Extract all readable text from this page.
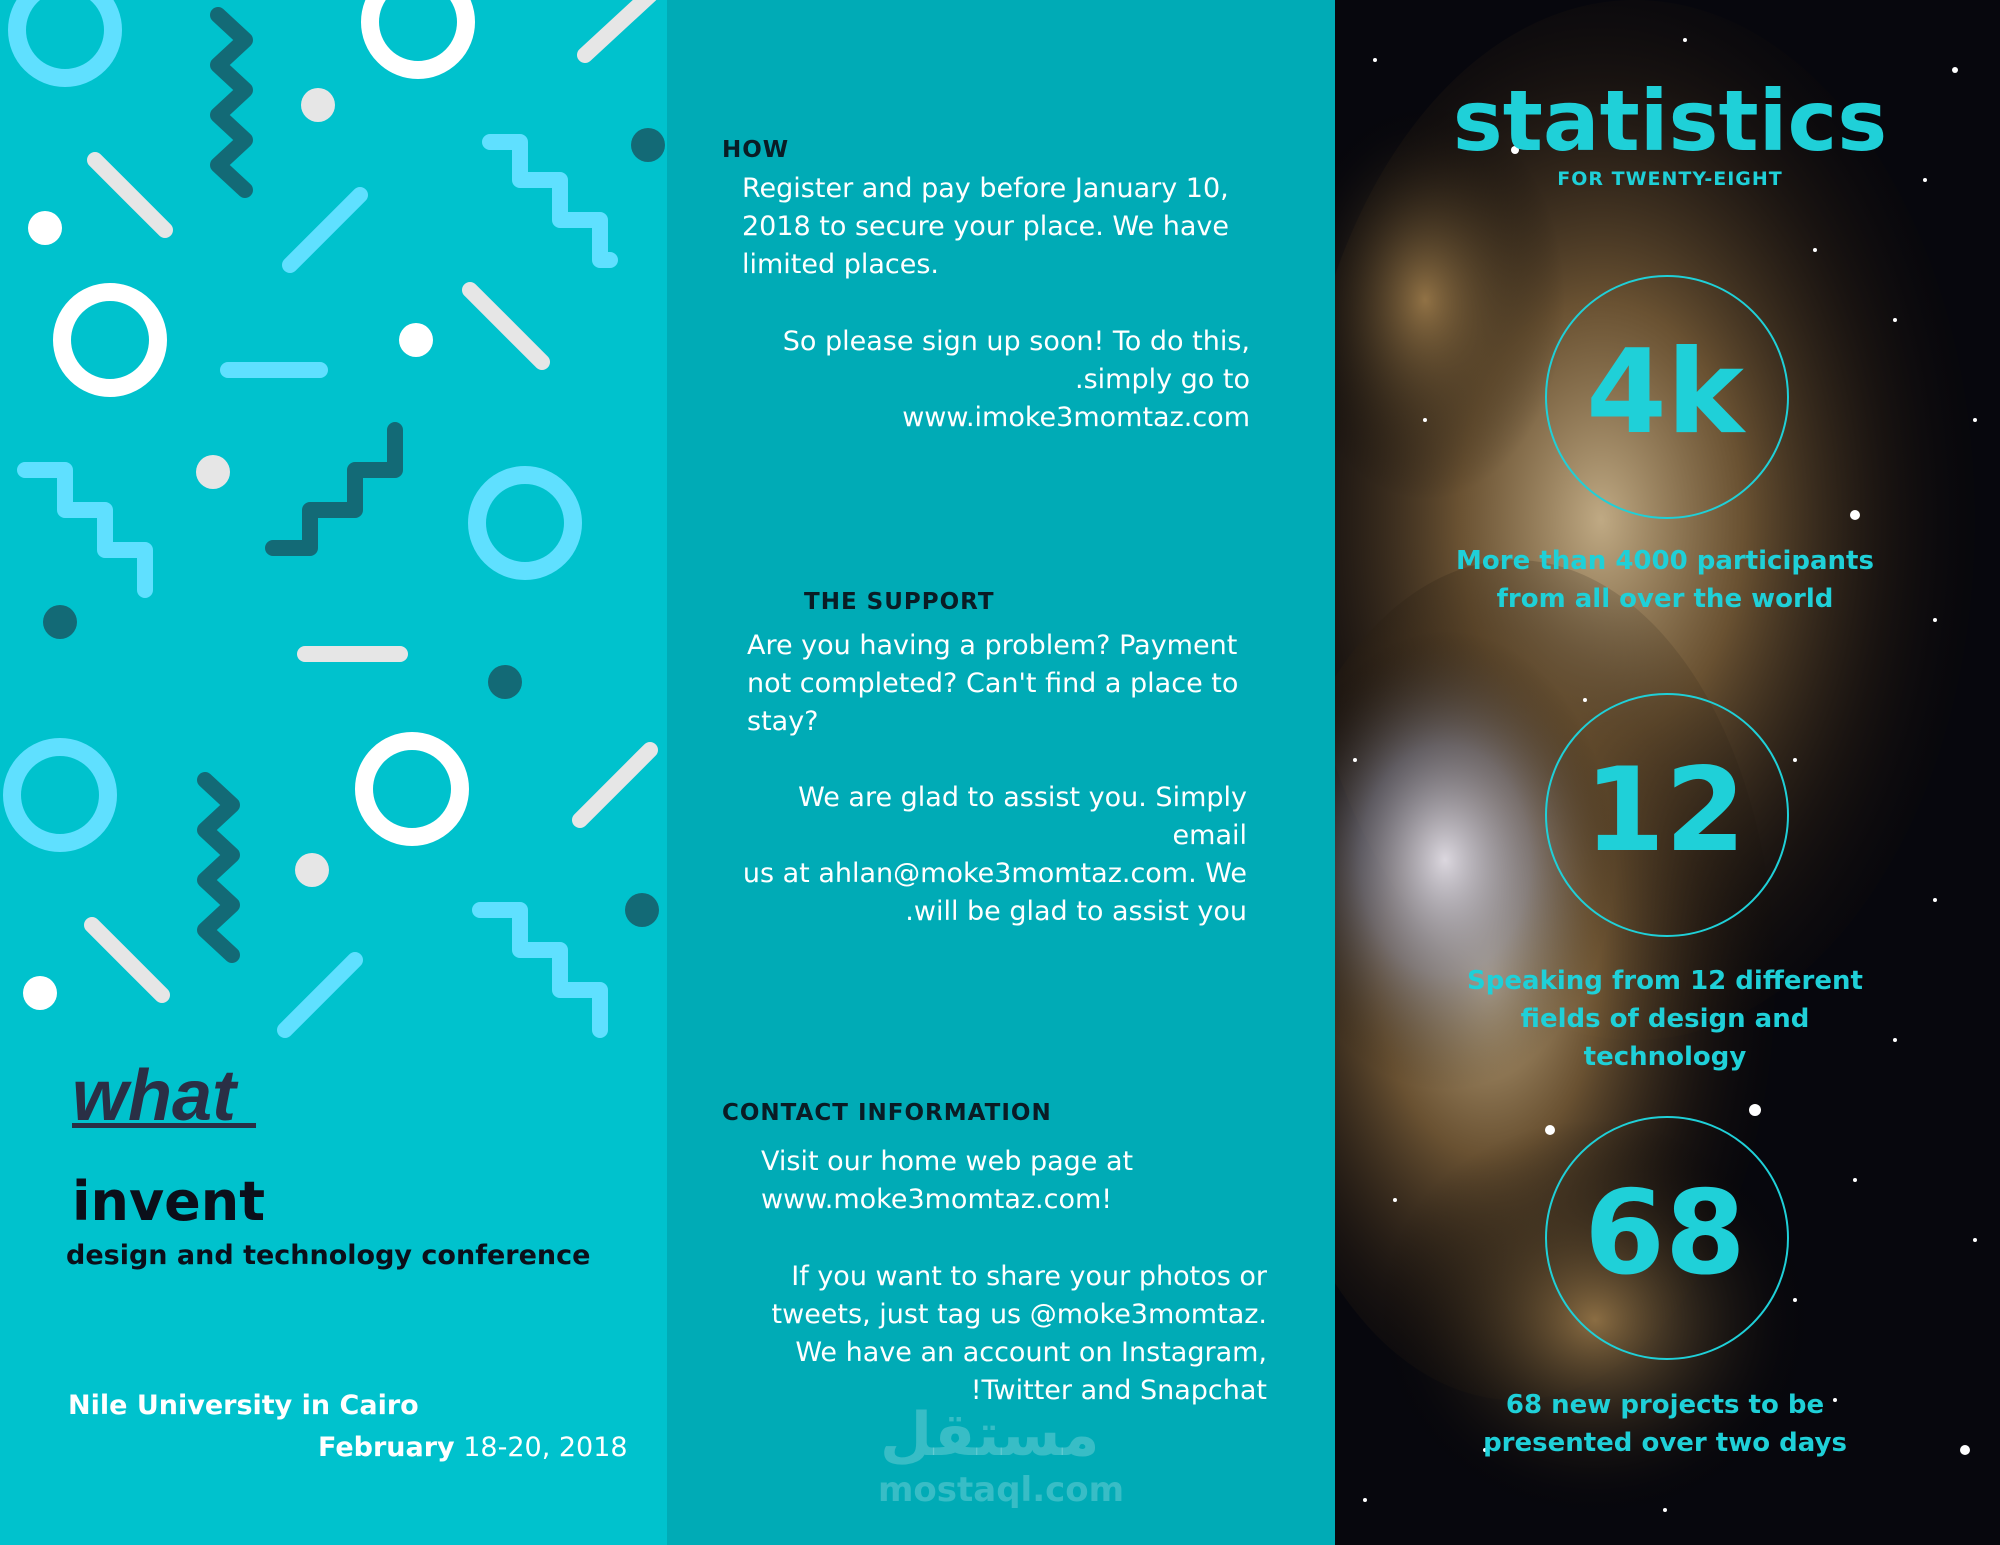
what
invent
design and technology conference
Nile University in Cairo
February 18-20, 2018
HOW
Register and pay before January 10, 2018 to secure your place. We have limited places.
So please sign up soon! To do this,
.simply go to www.imoke3momtaz.com
THE SUPPORT
Are you having a problem? Payment not completed? Can't find a place to stay?
We are glad to assist you. Simply email
us at ahlan@moke3momtaz.com. We
.will be glad to assist you
CONTACT INFORMATION
Visit our home web page at
www.moke3momtaz.com!
If you want to share your photos or
tweets, just tag us @moke3momtaz.
We have an account on Instagram,
!Twitter and Snapchat
statistics
FOR TWENTY-EIGHT
4k
More than 4000 participants from all over the world
12
Speaking from 12 different fields of design and technology
68
68 new projects to be presented over two days
مستقل
mostaql.com
